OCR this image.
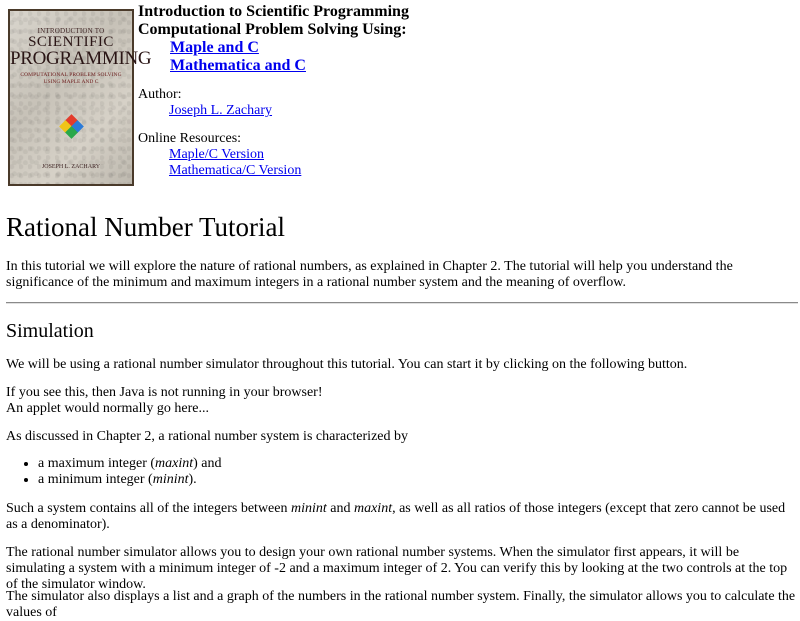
INTRODUCTION TO
SCIENTIFIC
PROGRAMMING
COMPUTATIONAL PROBLEM SOLVING
USING MAPLE AND C
JOSEPH L. ZACHARY
Introduction to Scientific Programming
Computational Problem Solving Using:
Maple and C
Mathematica and C
Author:
Joseph L. Zachary
Online Resources:
Maple/C Version
Mathematica/C Version
Rational Number Tutorial

In this tutorial we will explore the nature of rational numbers, as explained in Chapter 2. The tutorial will help you understand the significance of the minimum and maximum integers in a rational number system and the meaning of overflow.

Simulation

We will be using a rational number simulator throughout this tutorial. You can start it by clicking on the following button.

If you see this, then Java is not running in your browser!
An applet would normally go here...

As discussed in Chapter 2, a rational number system is characterized by

• a maximum integer (maxint) and
• a minimum integer (minint).

Such a system contains all of the integers between minint and maxint, as well as all ratios of those integers (except that zero cannot be used as a denominator).

The rational number simulator allows you to design your own rational number systems. When the simulator first appears, it will be simulating a system with a minimum integer of -2 and a maximum integer of 2. You can verify this by looking at the two controls at the top of the simulator window.

The simulator also displays a list and a graph of the numbers in the rational number system. Finally, the simulator allows you to calculate the values of
